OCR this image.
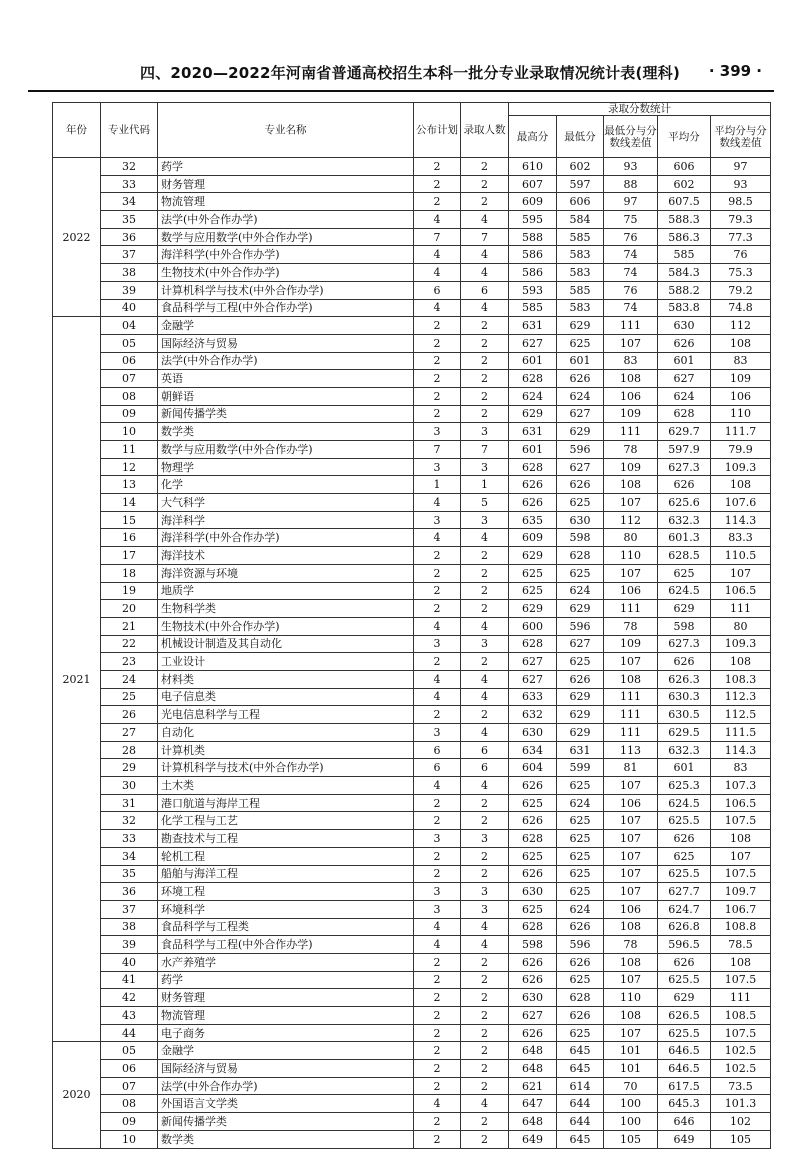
四、2020—2022年河南省普通高校招生本科一批分专业录取情况统计表(理科) · 399 ·
年份	专业代码	专业名称	公布计划	录取人数	录取分数统计				
					最高分	最低分	最低分与分数线差值	平均分	平均分与分数线差值
2022	32	药学	2	2	610	602	93	606	97
	33	财务管理	2	2	607	597	88	602	93
	34	物流管理	2	2	609	606	97	607.5	98.5
	35	法学(中外合作办学)	4	4	595	584	75	588.3	79.3
	36	数学与应用数学(中外合作办学)	7	7	588	585	76	586.3	77.3
	37	海洋科学(中外合作办学)	4	4	586	583	74	585	76
	38	生物技术(中外合作办学)	4	4	586	583	74	584.3	75.3
	39	计算机科学与技术(中外合作办学)	6	6	593	585	76	588.2	79.2
	40	食品科学与工程(中外合作办学)	4	4	585	583	74	583.8	74.8
2021	04	金融学	2	2	631	629	111	630	112
	05	国际经济与贸易	2	2	627	625	107	626	108
	06	法学(中外合作办学)	2	2	601	601	83	601	83
	07	英语	2	2	628	626	108	627	109
	08	朝鲜语	2	2	624	624	106	624	106
	09	新闻传播学类	2	2	629	627	109	628	110
	10	数学类	3	3	631	629	111	629.7	111.7
	11	数学与应用数学(中外合作办学)	7	7	601	596	78	597.9	79.9
	12	物理学	3	3	628	627	109	627.3	109.3
	13	化学	1	1	626	626	108	626	108
	14	大气科学	4	5	626	625	107	625.6	107.6
	15	海洋科学	3	3	635	630	112	632.3	114.3
	16	海洋科学(中外合作办学)	4	4	609	598	80	601.3	83.3
	17	海洋技术	2	2	629	628	110	628.5	110.5
	18	海洋资源与环境	2	2	625	625	107	625	107
	19	地质学	2	2	625	624	106	624.5	106.5
	20	生物科学类	2	2	629	629	111	629	111
	21	生物技术(中外合作办学)	4	4	600	596	78	598	80
	22	机械设计制造及其自动化	3	3	628	627	109	627.3	109.3
	23	工业设计	2	2	627	625	107	626	108
	24	材料类	4	4	627	626	108	626.3	108.3
	25	电子信息类	4	4	633	629	111	630.3	112.3
	26	光电信息科学与工程	2	2	632	629	111	630.5	112.5
	27	自动化	3	4	630	629	111	629.5	111.5
	28	计算机类	6	6	634	631	113	632.3	114.3
	29	计算机科学与技术(中外合作办学)	6	6	604	599	81	601	83
	30	土木类	4	4	626	625	107	625.3	107.3
	31	港口航道与海岸工程	2	2	625	624	106	624.5	106.5
	32	化学工程与工艺	2	2	626	625	107	625.5	107.5
	33	勘查技术与工程	3	3	628	625	107	626	108
	34	轮机工程	2	2	625	625	107	625	107
	35	船舶与海洋工程	2	2	626	625	107	625.5	107.5
	36	环境工程	3	3	630	625	107	627.7	109.7
	37	环境科学	3	3	625	624	106	624.7	106.7
	38	食品科学与工程类	4	4	628	626	108	626.8	108.8
	39	食品科学与工程(中外合作办学)	4	4	598	596	78	596.5	78.5
	40	水产养殖学	2	2	626	626	108	626	108
	41	药学	2	2	626	625	107	625.5	107.5
	42	财务管理	2	2	630	628	110	629	111
	43	物流管理	2	2	627	626	108	626.5	108.5
	44	电子商务	2	2	626	625	107	625.5	107.5
2020	05	金融学	2	2	648	645	101	646.5	102.5
	06	国际经济与贸易	2	2	648	645	101	646.5	102.5
	07	法学(中外合作办学)	2	2	621	614	70	617.5	73.5
	08	外国语言文学类	4	4	647	644	100	645.3	101.3
	09	新闻传播学类	2	2	648	644	100	646	102
	10	数学类	2	2	649	645	105	649	105
